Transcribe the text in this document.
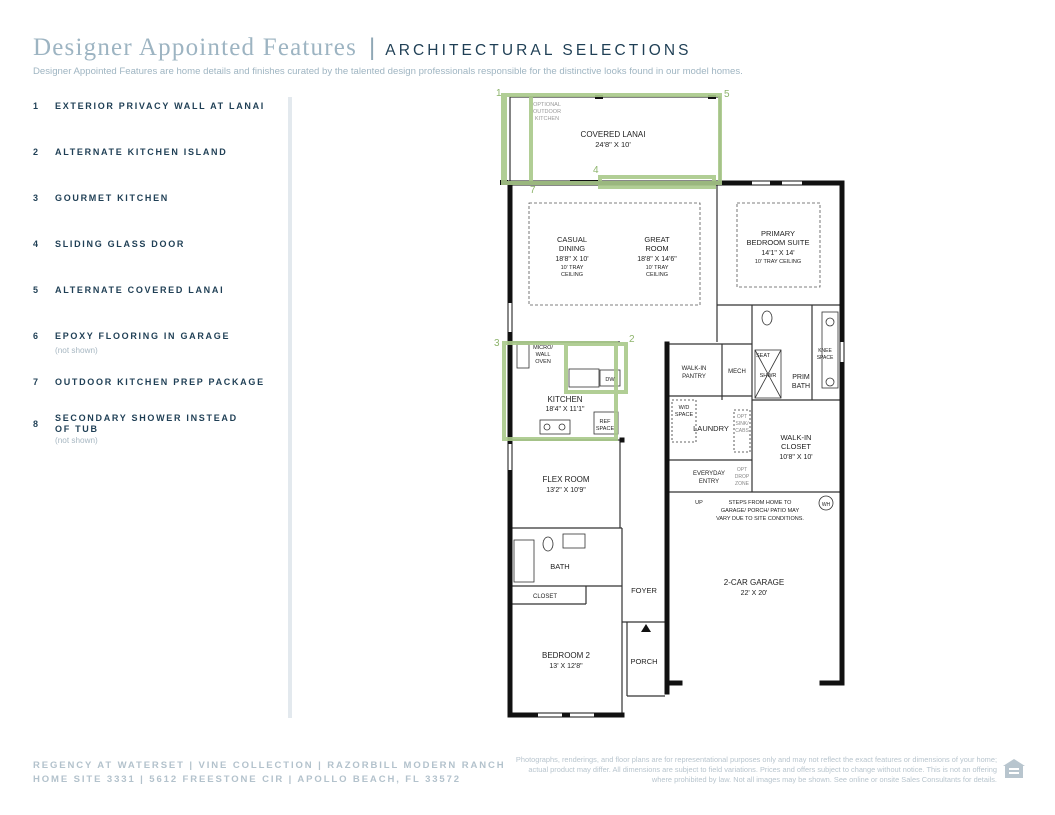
Designer Appointed Features | ARCHITECTURAL SELECTIONS
Designer Appointed Features are home details and finishes curated by the talented design professionals responsible for the distinctive looks found in our model homes.
1 EXTERIOR PRIVACY WALL AT LANAI
2 ALTERNATE KITCHEN ISLAND
3 GOURMET KITCHEN
4 SLIDING GLASS DOOR
5 ALTERNATE COVERED LANAI
6 EPOXY FLOORING IN GARAGE
(not shown)
7 OUTDOOR KITCHEN PREP PACKAGE
8
SECONDARY SHOWER INSTEAD OF TUB
(not shown)
1	5
7
4
3	2
OPTIONAL
OUTDOOR
KITCHEN
COVERED LANAI
24'8" X 10'
CASUAL
DINING
18'8" X 10'
10' TRAY
CEILING
GREAT
ROOM
18'8" X 14'6"
10' TRAY
CEILING
PRIMARY
BEDROOM SUITE
14'1" X 14'
10' TRAY CEILING
MICRO/
WALL
OVEN
DW
KITCHEN
18'4" X 11'1"
REF
SPACE
WALK-IN
PANTRY
MECH
SEAT
SHWR PRIM
BATH
KNEE
SPACE
W/D
SPACE
LAUNDRY
OPT
SINK/
CABS
WALK-IN
CLOSET
10'8" X 10'
EVERYDAY
ENTRY
OPT
DROP
ZONE
UP	WH
STEPS FROM HOME TO
GARAGE/ PORCH/ PATIO MAY
VARY DUE TO SITE CONDITIONS.
FLEX ROOM
13'2" X 10'9"
BATH
CLOSET
FOYER
2-CAR GARAGE
22' X 20'
BEDROOM 2
13' X 12'8"
PORCH
REGENCY AT WATERSET | VINE COLLECTION | RAZORBILL MODERN RANCH
HOME SITE 3331 | 5612 FREESTONE CIR | APOLLO BEACH, FL 33572
Photographs, renderings, and floor plans are for representational purposes only and may not reflect the exact features or dimensions of your home; actual product may differ. All dimensions are subject to field variations. Prices and offers subject to change without notice. This is not an offering where prohibited by law. Not all images may be shown. See online or onsite Sales Consultants for details.
